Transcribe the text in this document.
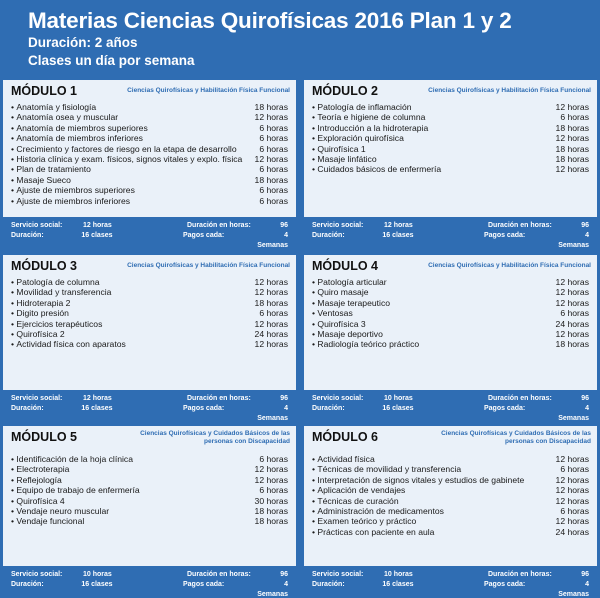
Materias Ciencias Quirofísicas 2016 Plan 1 y 2
Duración: 2 años
Clases un día por semana
MÓDULO 1	Ciencias Quirofísicas y Habilitación Física Funcional
• Anatomía y fisiología	18 horas
• Anatomía osea y muscular	12 horas
• Anatomía de miembros superiores	6 horas
• Anatomía de miembros inferiores	6 horas
• Crecimiento y factores de riesgo en la etapa de desarrollo	6 horas
• Historia clínica y exam. físicos, signos vitales y explo. física 12 horas
• Plan de tratamiento	6 horas
• Masaje Sueco	18 horas
• Ajuste de miembros superiores	6 horas
• Ajuste de miembros inferiores	6 horas
Servicio social:	12 horas	Duración en horas:	96
Duración:	16 clases	Pagos cada:	4 Semanas
MÓDULO 2	Ciencias Quirofísicas y Habilitación Física Funcional
• Patología de inflamación	12 horas
• Teoría e higiene de columna	6 horas
• Introducción a la hidroterapia	18 horas
• Exploración quirofísica	12 horas
• Quirofísica 1	18 horas
• Masaje linfático	18 horas
• Cuidados básicos de enfermería	12 horas
Servicio social:	12 horas	Duración en horas:	96
Duración:	16 clases	Pagos cada:	4 Semanas
MÓDULO 3	Ciencias Quirofísicas y Habilitación Física Funcional
• Patología de columna	12 horas
• Movilidad y transferencia	12 horas
• Hidroterapia 2	18 horas
• Digito presión	6 horas
• Ejercicios terapéuticos	12 horas
• Quirofísica 2	24 horas
• Actividad física con aparatos	12 horas
Servicio social:	12 horas	Duración en horas:	96
Duración:	16 clases	Pagos cada:	4 Semanas
MÓDULO 4	Ciencias Quirofísicas y Habilitación Física Funcional
• Patología articular	12 horas
• Quiro masaje	12 horas
• Masaje terapeutico	12 horas
• Ventosas	6 horas
• Quirofísica 3	24 horas
• Masaje deportivo	12 horas
• Radiología teórico práctico	18 horas
Servicio social:	10 horas	Duración en horas:	96
Duración:	16 clases	Pagos cada:	4 Semanas
MÓDULO 5	Ciencias Quirofísicas y Cuidados Básicos de las personas con Discapacidad
• Identificación de la hoja clínica	6 horas
• Electroterapia	12 horas
• Reflejología	12 horas
• Equipo de trabajo de enfermería	6 horas
• Quirofísica 4	30 horas
• Vendaje neuro muscular	18 horas
• Vendaje funcional	18 horas
Servicio social:	10 horas	Duración en horas:	96
Duración:	16 clases	Pagos cada:	4 Semanas
MÓDULO 6	Ciencias Quirofísicas y Cuidados Básicos de las personas con Discapacidad
• Actividad física	12 horas
• Técnicas de movilidad y transferencia	6 horas
• Interpretación de signos vitales y estudios de gabinete	12 horas
• Aplicación de vendajes	12 horas
• Técnicas de curación	12 horas
• Administración de medicamentos	6 horas
• Examen teórico y práctico	12 horas
• Prácticas con paciente en aula	24 horas
Servicio social:	10 horas	Duración en horas:	96
Duración:	16 clases	Pagos cada:	4 Semanas
